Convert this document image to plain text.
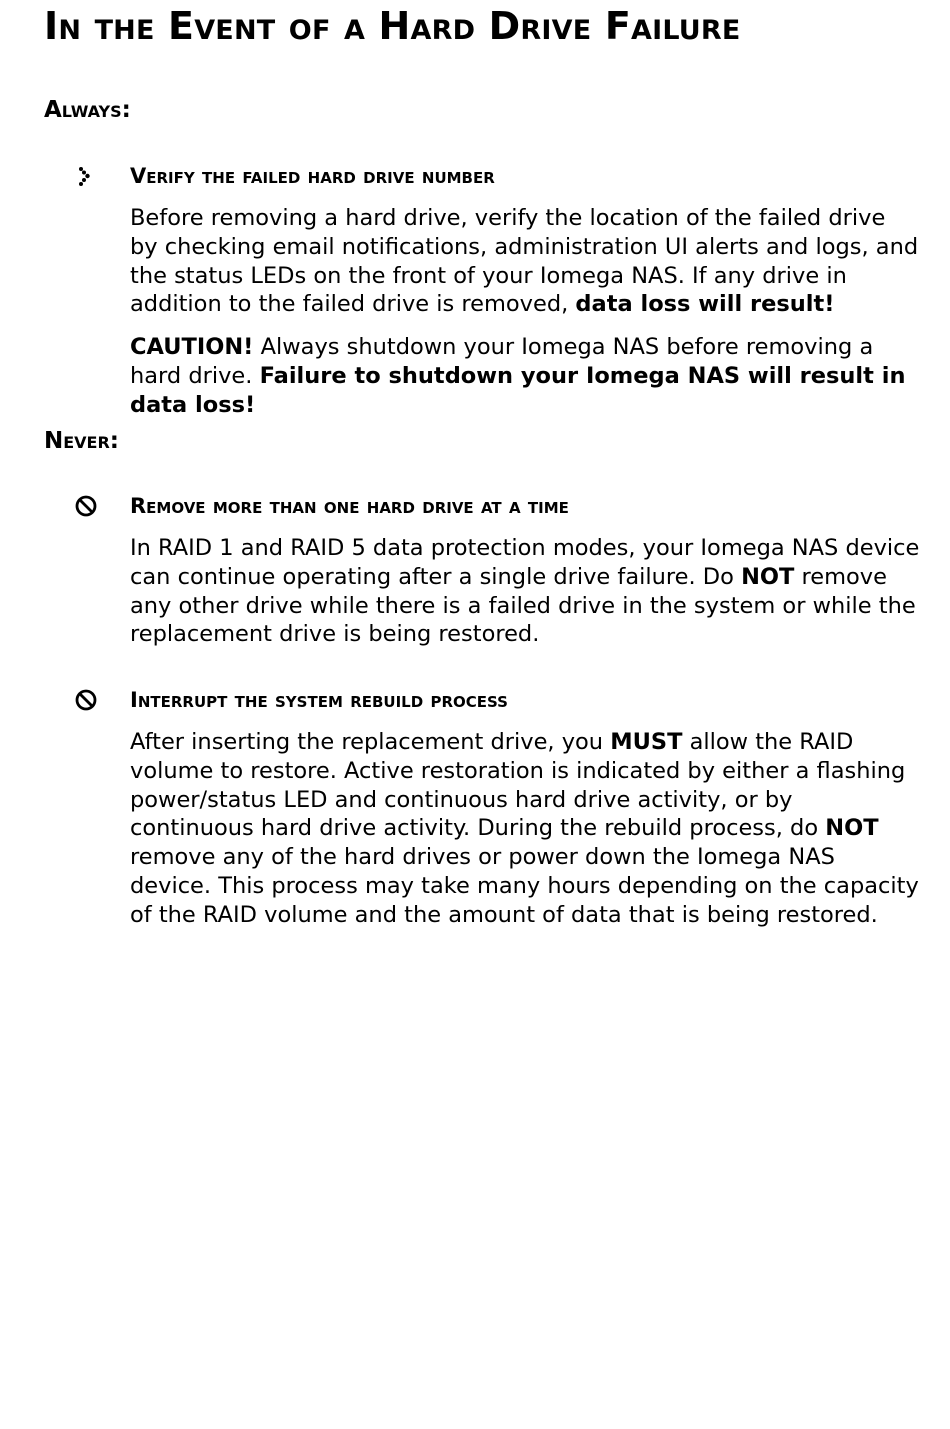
In the Event of a Hard Drive Failure
Always:
Verify the failed hard drive number

Before removing a hard drive, verify the location of the failed drive by checking email notifications, administration UI alerts and logs, and the status LEDs on the front of your Iomega NAS. If any drive in addition to the failed drive is removed, data loss will result!

CAUTION! Always shutdown your Iomega NAS before removing a hard drive. Failure to shutdown your Iomega NAS will result in data loss!

Never:
Remove more than one hard drive at a time

In RAID 1 and RAID 5 data protection modes, your Iomega NAS device can continue operating after a single drive failure. Do NOT remove any other drive while there is a failed drive in the system or while the replacement drive is being restored.

Interrupt the system rebuild process

After inserting the replacement drive, you MUST allow the RAID volume to restore. Active restoration is indicated by either a flashing power/status LED and continuous hard drive activity, or by continuous hard drive activity. During the rebuild process, do NOT remove any of the hard drives or power down the Iomega NAS device. This process may take many hours depending on the capacity of the RAID volume and the amount of data that is being restored.
